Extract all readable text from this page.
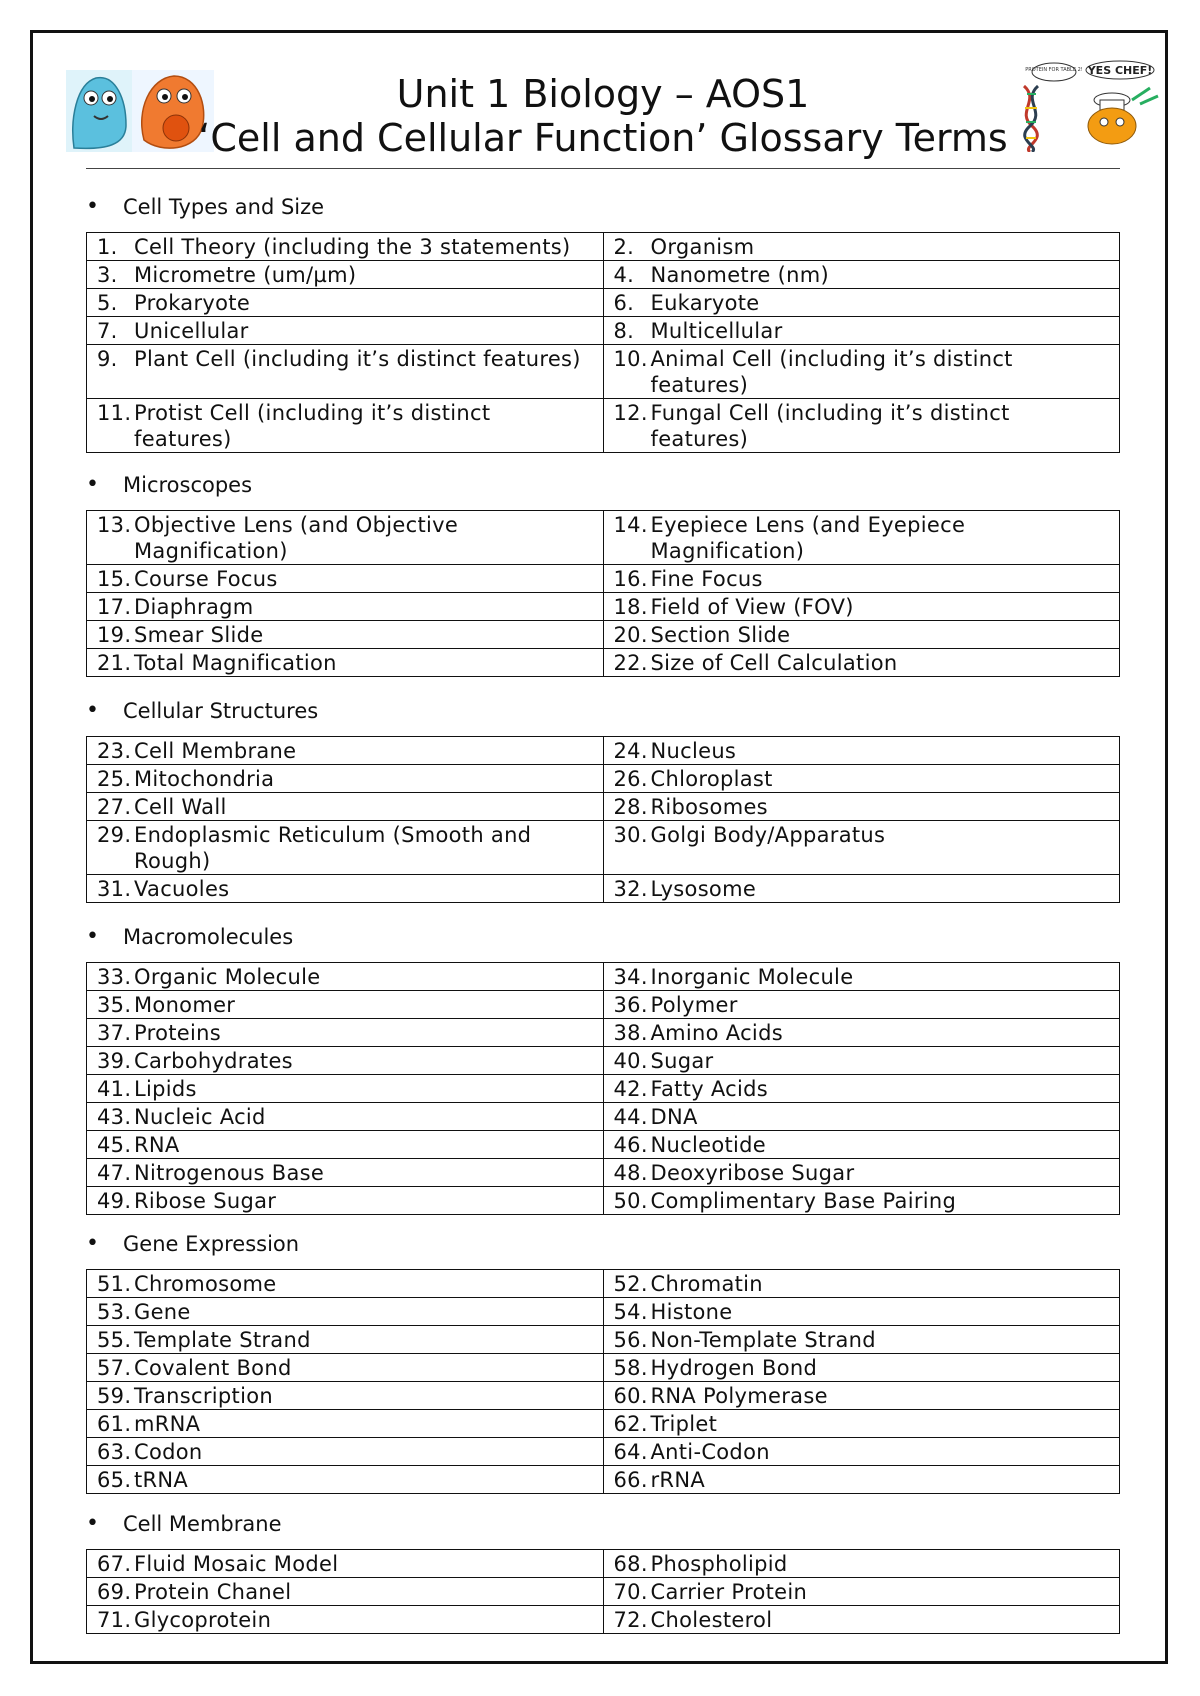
PROTEIN FOR TABLE 2! YES CHEF!
Unit 1 Biology – AOS1
‘Cell and Cellular Function’ Glossary Terms
• Cell Types and Size
1. Cell Theory (including the 3 statements)	2. Organism

3. Micrometre (um/µm)	4. Nanometre (nm)

5. Prokaryote	6. Eukaryote

7. Unicellular	8. Multicellular

9. Plant Cell (including it’s distinct features)	10. Animal Cell (including it’s distinct features)

11. Protist Cell (including it’s distinct features)	12. Fungal Cell (including it’s distinct features)
• Microscopes
13. Objective Lens (and Objective Magnification)	14. Eyepiece Lens (and Eyepiece Magnification)

15. Course Focus	16. Fine Focus

17. Diaphragm	18. Field of View (FOV)

19. Smear Slide	20. Section Slide

21. Total Magnification	22. Size of Cell Calculation
• Cellular Structures
23. Cell Membrane	24. Nucleus

25. Mitochondria	26. Chloroplast

27. Cell Wall	28. Ribosomes

29. Endoplasmic Reticulum (Smooth and Rough)	30. Golgi Body/Apparatus

31. Vacuoles	32. Lysosome
• Macromolecules
33. Organic Molecule	34. Inorganic Molecule

35. Monomer	36. Polymer

37. Proteins	38. Amino Acids

39. Carbohydrates	40. Sugar

41. Lipids	42. Fatty Acids

43. Nucleic Acid	44. DNA

45. RNA	46. Nucleotide

47. Nitrogenous Base	48. Deoxyribose Sugar

49. Ribose Sugar	50. Complimentary Base Pairing
• Gene Expression
51. Chromosome	52. Chromatin

53. Gene	54. Histone

55. Template Strand	56. Non-Template Strand

57. Covalent Bond	58. Hydrogen Bond

59. Transcription	60. RNA Polymerase

61. mRNA	62. Triplet

63. Codon	64. Anti-Codon

65. tRNA	66. rRNA
• Cell Membrane
67. Fluid Mosaic Model	68. Phospholipid

69. Protein Chanel	70. Carrier Protein

71. Glycoprotein	72. Cholesterol
